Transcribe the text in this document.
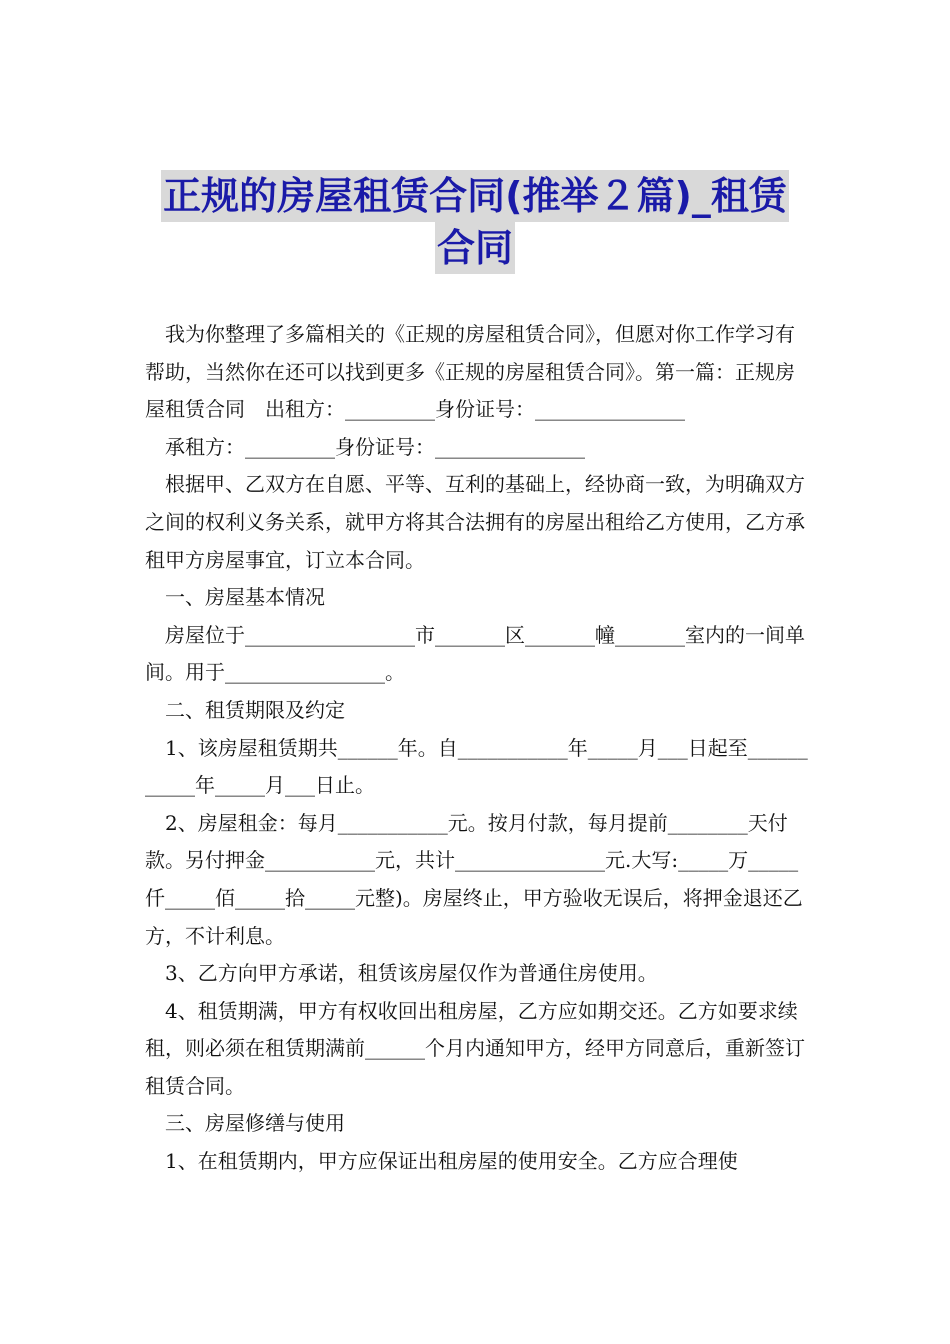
正规的房屋租赁合同(推举２篇)_租赁
合同

我为你整理了多篇相关的《正规的房屋租赁合同》，但愿对你工作学习有帮助，当然你在还可以找到更多《正规的房屋租赁合同》。第一篇：正规房屋租赁合同　出租方：_________身份证号：_______________

承租方：_________身份证号：_______________

根据甲、乙双方在自愿、平等、互利的基础上，经协商一致，为明确双方之间的权利义务关系，就甲方将其合法拥有的房屋出租给乙方使用，乙方承租甲方房屋事宜，订立本合同。

一、房屋基本情况

房屋位于_________________市_______区_______幢_______室内的一间单间。用于________________。

二、租赁期限及约定

1、该房屋租赁期共______年。自___________年_____月___日起至___________年_____月___日止。

2、房屋租金：每月___________元。按月付款，每月提前________天付款。另付押金___________元，共计_______________元.大写:_____万_____仟_____佰_____拾_____元整)。房屋终止，甲方验收无误后，将押金退还乙方，不计利息。

3、乙方向甲方承诺，租赁该房屋仅作为普通住房使用。

4、租赁期满，甲方有权收回出租房屋，乙方应如期交还。乙方如要求续租，则必须在租赁期满前______个月内通知甲方，经甲方同意后，重新签订租赁合同。

三、房屋修缮与使用

1、在租赁期内，甲方应保证出租房屋的使用安全。乙方应合理使
